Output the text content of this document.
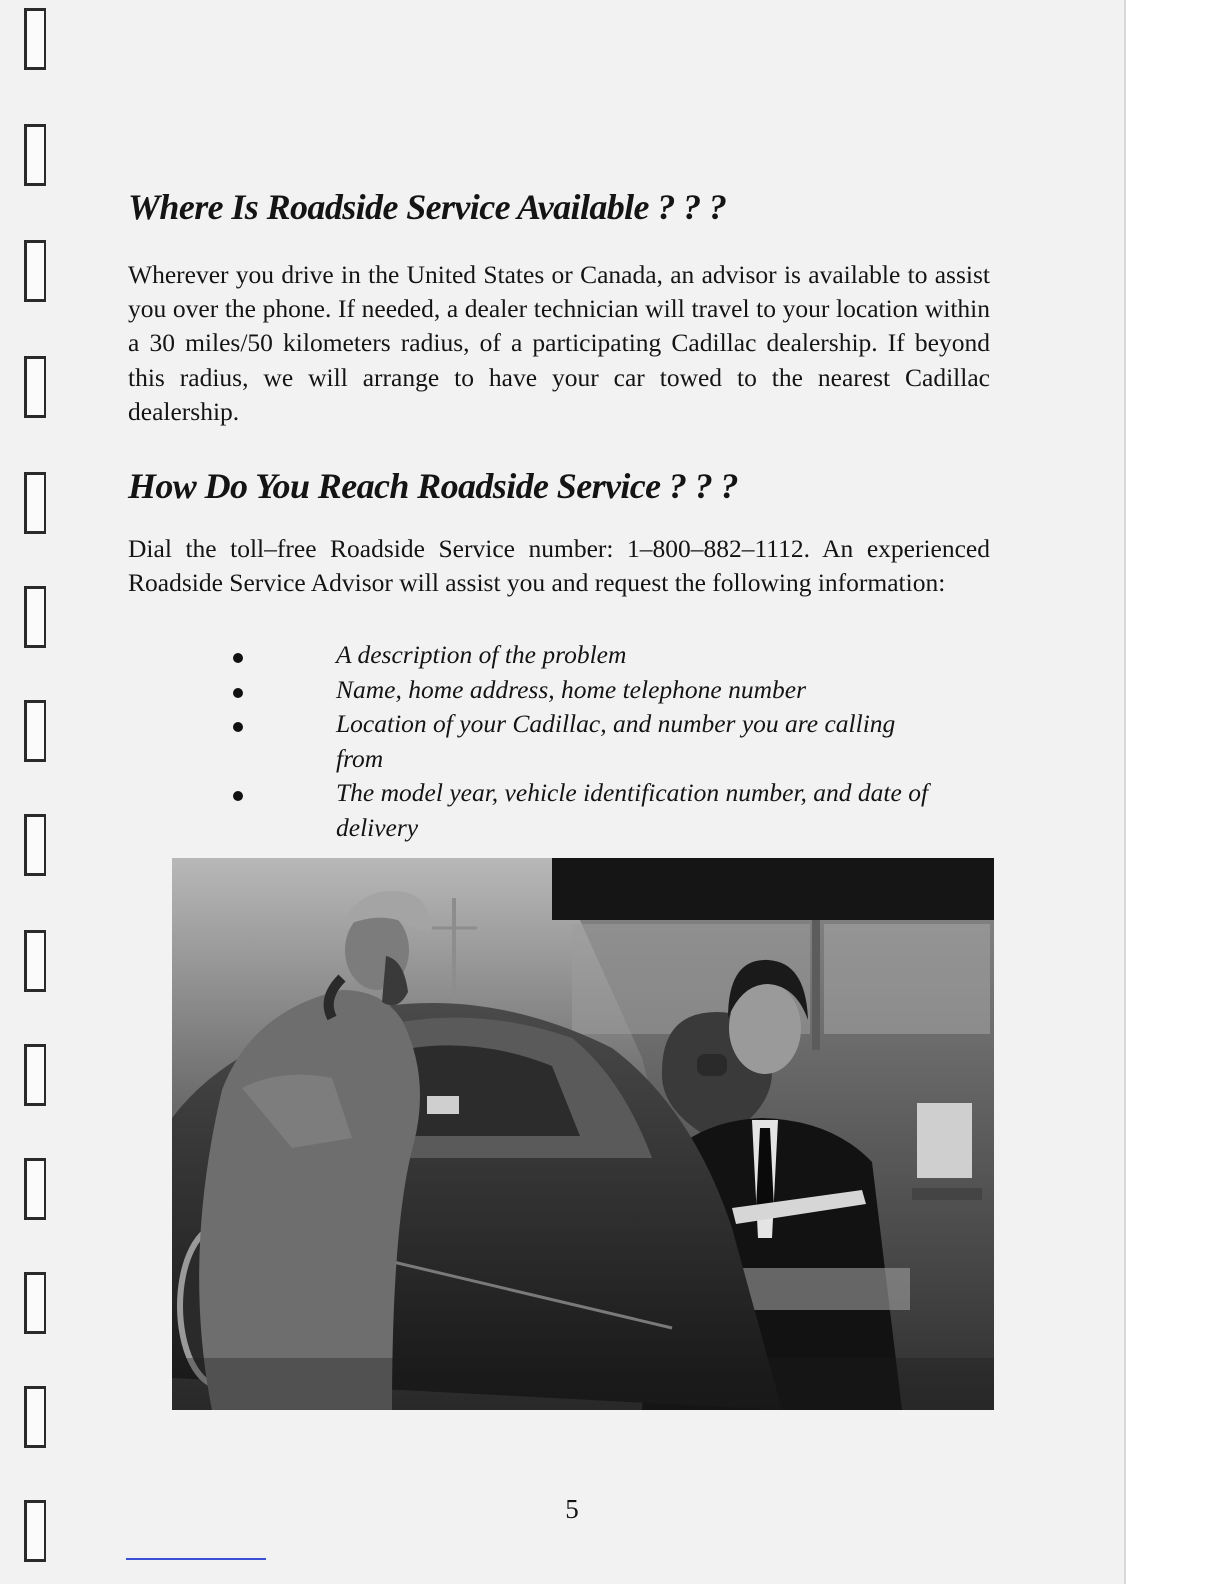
Where Is Roadside Service Available ? ? ?

Wherever you drive in the United States or Canada, an advisor is available to assist you over the phone. If needed, a dealer technician will travel to your location within a 30 miles/50 kilometers radius, of a participating Cadillac dealership. If beyond this radius, we will arrange to have your car towed to the nearest Cadillac dealership.

How Do You Reach Roadside Service ? ? ?

Dial the toll–free Roadside Service number: 1–800–882–1112. An experienced Roadside Service Advisor will assist you and request the following information:

A description of the problem
Name, home address, home telephone number
Location of your Cadillac, and number you are calling from
The model year, vehicle identification number, and date of delivery
5
